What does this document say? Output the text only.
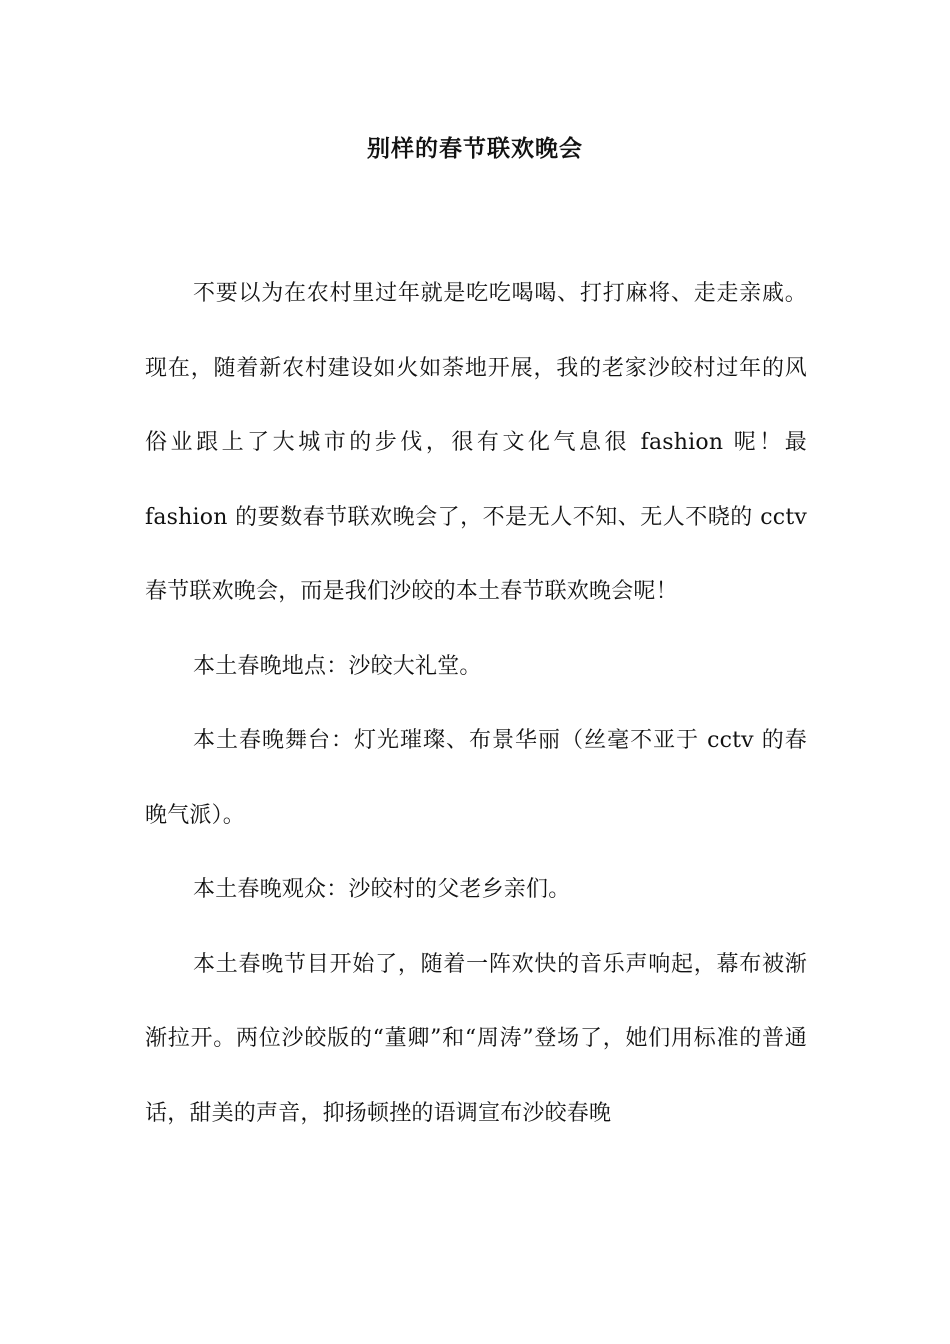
别样的春节联欢晚会

不要以为在农村里过年就是吃吃喝喝、打打麻将、走走亲戚。现在，随着新农村建设如火如荼地开展，我的老家沙皎村过年的风俗业跟上了大城市的步伐，很有文化气息很 fashion 呢！最 fashion 的要数春节联欢晚会了，不是无人不知、无人不晓的 cctv 春节联欢晚会，而是我们沙皎的本土春节联欢晚会呢！

本土春晚地点：沙皎大礼堂。

本土春晚舞台：灯光璀璨、布景华丽（丝毫不亚于 cctv 的春晚气派）。

本土春晚观众：沙皎村的父老乡亲们。

本土春晚节目开始了，随着一阵欢快的音乐声响起，幕布被渐渐拉开。两位沙皎版的“董卿”和“周涛”登场了，她们用标准的普通话，甜美的声音，抑扬顿挫的语调宣布沙皎春晚
